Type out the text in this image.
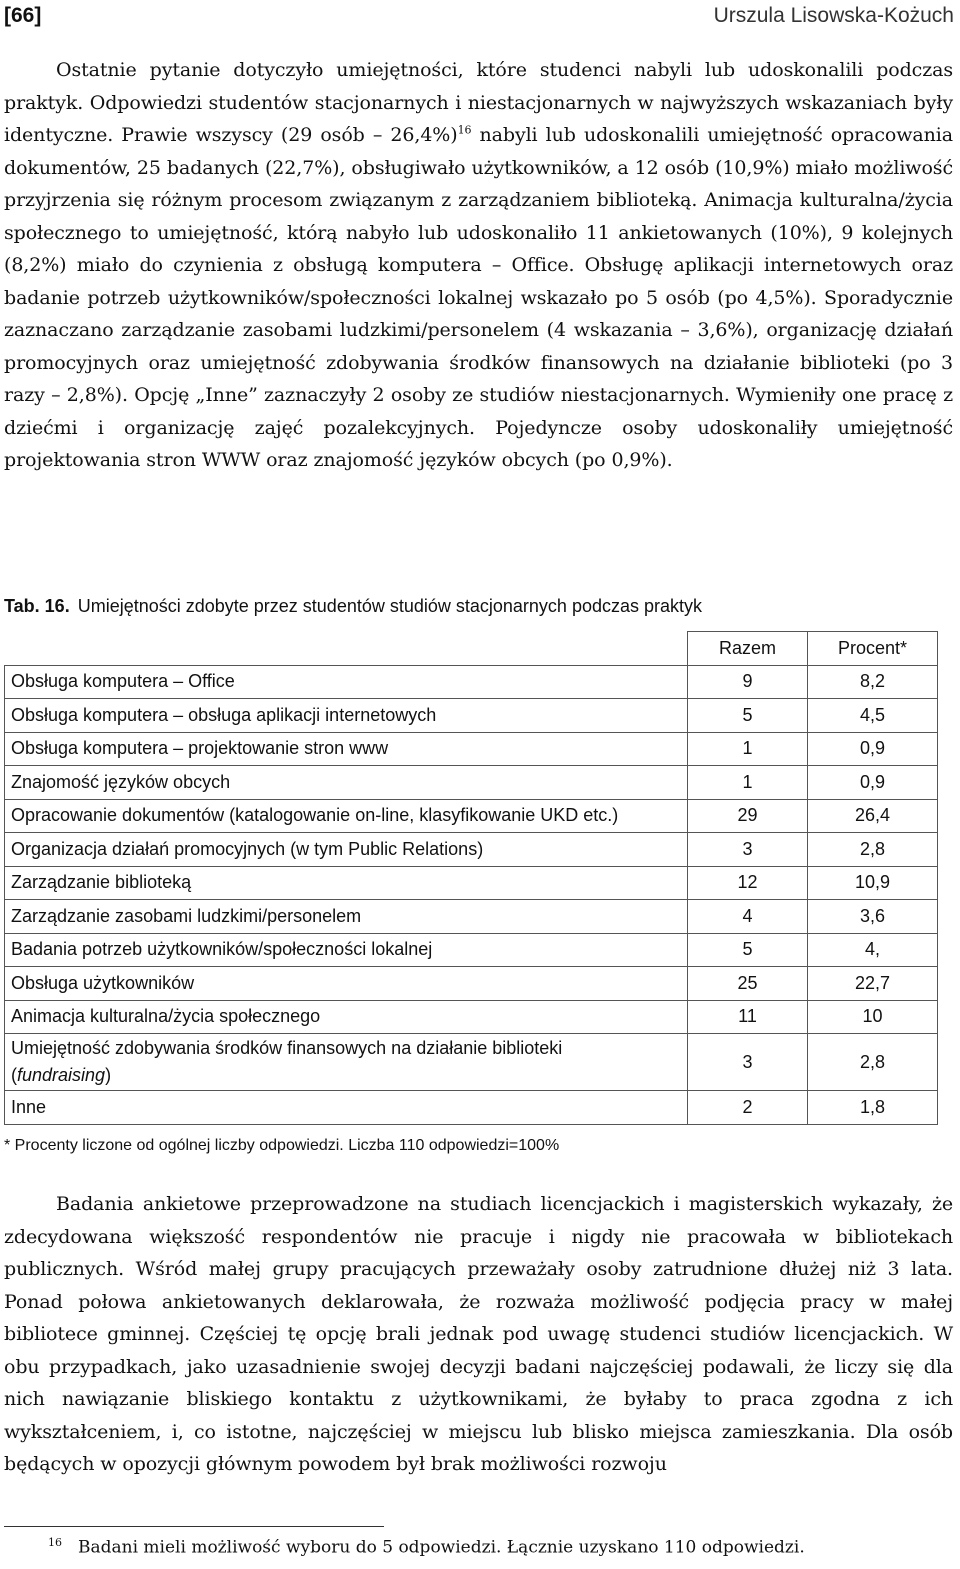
[66]	Urszula Lisowska-Kożuch
Ostatnie pytanie dotyczyło umiejętności, które studenci nabyli lub udoskonalili podczas praktyk. Odpowiedzi studentów stacjonarnych i niestacjonarnych w najwyższych wskazaniach były identyczne. Prawie wszyscy (29 osób – 26,4%)$^{16}$ nabyli lub udoskonalili umiejętność opracowania dokumentów, 25 badanych (22,7%), obsługiwało użytkowników, a 12 osób (10,9%) miało możliwość przyjrzenia się różnym procesom związanym z zarządzaniem biblioteką. Animacja kulturalna/życia społecznego to umiejętność, którą nabyło lub udoskonaliło 11 ankietowanych (10%), 9 kolejnych (8,2%) miało do czynienia z obsługą komputera – Office. Obsługę aplikacji internetowych oraz badanie potrzeb użytkowników/społeczności lokalnej wskazało po 5 osób (po 4,5%). Sporadycznie zaznaczano zarządzanie zasobami ludzkimi/personelem (4 wskazania – 3,6%), organizację działań promocyjnych oraz umiejętność zdobywania środków finansowych na działanie biblioteki (po 3 razy – 2,8%). Opcję „Inne” zaznaczyły 2 osoby ze studiów niestacjonarnych. Wymieniły one pracę z dziećmi i organizację zajęć pozalekcyjnych. Pojedyncze osoby udoskonaliły umiejętność projektowania stron WWW oraz znajomość języków obcych (po 0,9%).
Tab. 16. Umiejętności zdobyte przez studentów studiów stacjonarnych podczas praktyk
	Razem	Procent*
Obsługa komputera – Office	9	8,2
Obsługa komputera – obsługa aplikacji internetowych	5	4,5
Obsługa komputera – projektowanie stron www	1	0,9
Znajomość języków obcych	1	0,9
Opracowanie dokumentów (katalogowanie on-line, klasyfikowanie UKD etc.)	29	26,4
Organizacja działań promocyjnych (w tym Public Relations)	3	2,8
Zarządzanie biblioteką	12	10,9
Zarządzanie zasobami ludzkimi/personelem	4	3,6
Badania potrzeb użytkowników/społeczności lokalnej	5	4,
Obsługa użytkowników	25	22,7
Animacja kulturalna/życia społecznego	11	10
Umiejętność zdobywania środków finansowych na działanie biblioteki
(fundraising)	3	2,8
Inne	2	1,8
* Procenty liczone od ogólnej liczby odpowiedzi. Liczba 110 odpowiedzi=100%
Badania ankietowe przeprowadzone na studiach licencjackich i magisterskich wykazały, że zdecydowana większość respondentów nie pracuje i nigdy nie pracowała w bibliotekach publicznych. Wśród małej grupy pracujących przeważały osoby zatrudnione dłużej niż 3 lata. Ponad połowa ankietowanych deklarowała, że rozważa możliwość podjęcia pracy w małej bibliotece gminnej. Częściej tę opcję brali jednak pod uwagę studenci studiów licencjackich. W obu przypadkach, jako uzasadnienie swojej decyzji badani najczęściej podawali, że liczy się dla nich nawiązanie bliskiego kontaktu z użytkownikami, że byłaby to praca zgodna z ich wykształceniem, i, co istotne, najczęściej w miejscu lub blisko miejsca zamieszkania. Dla osób będących w opozycji głównym powodem był brak możliwości rozwoju
$^{16}$ Badani mieli możliwość wyboru do 5 odpowiedzi. Łącznie uzyskano 110 odpowiedzi.
